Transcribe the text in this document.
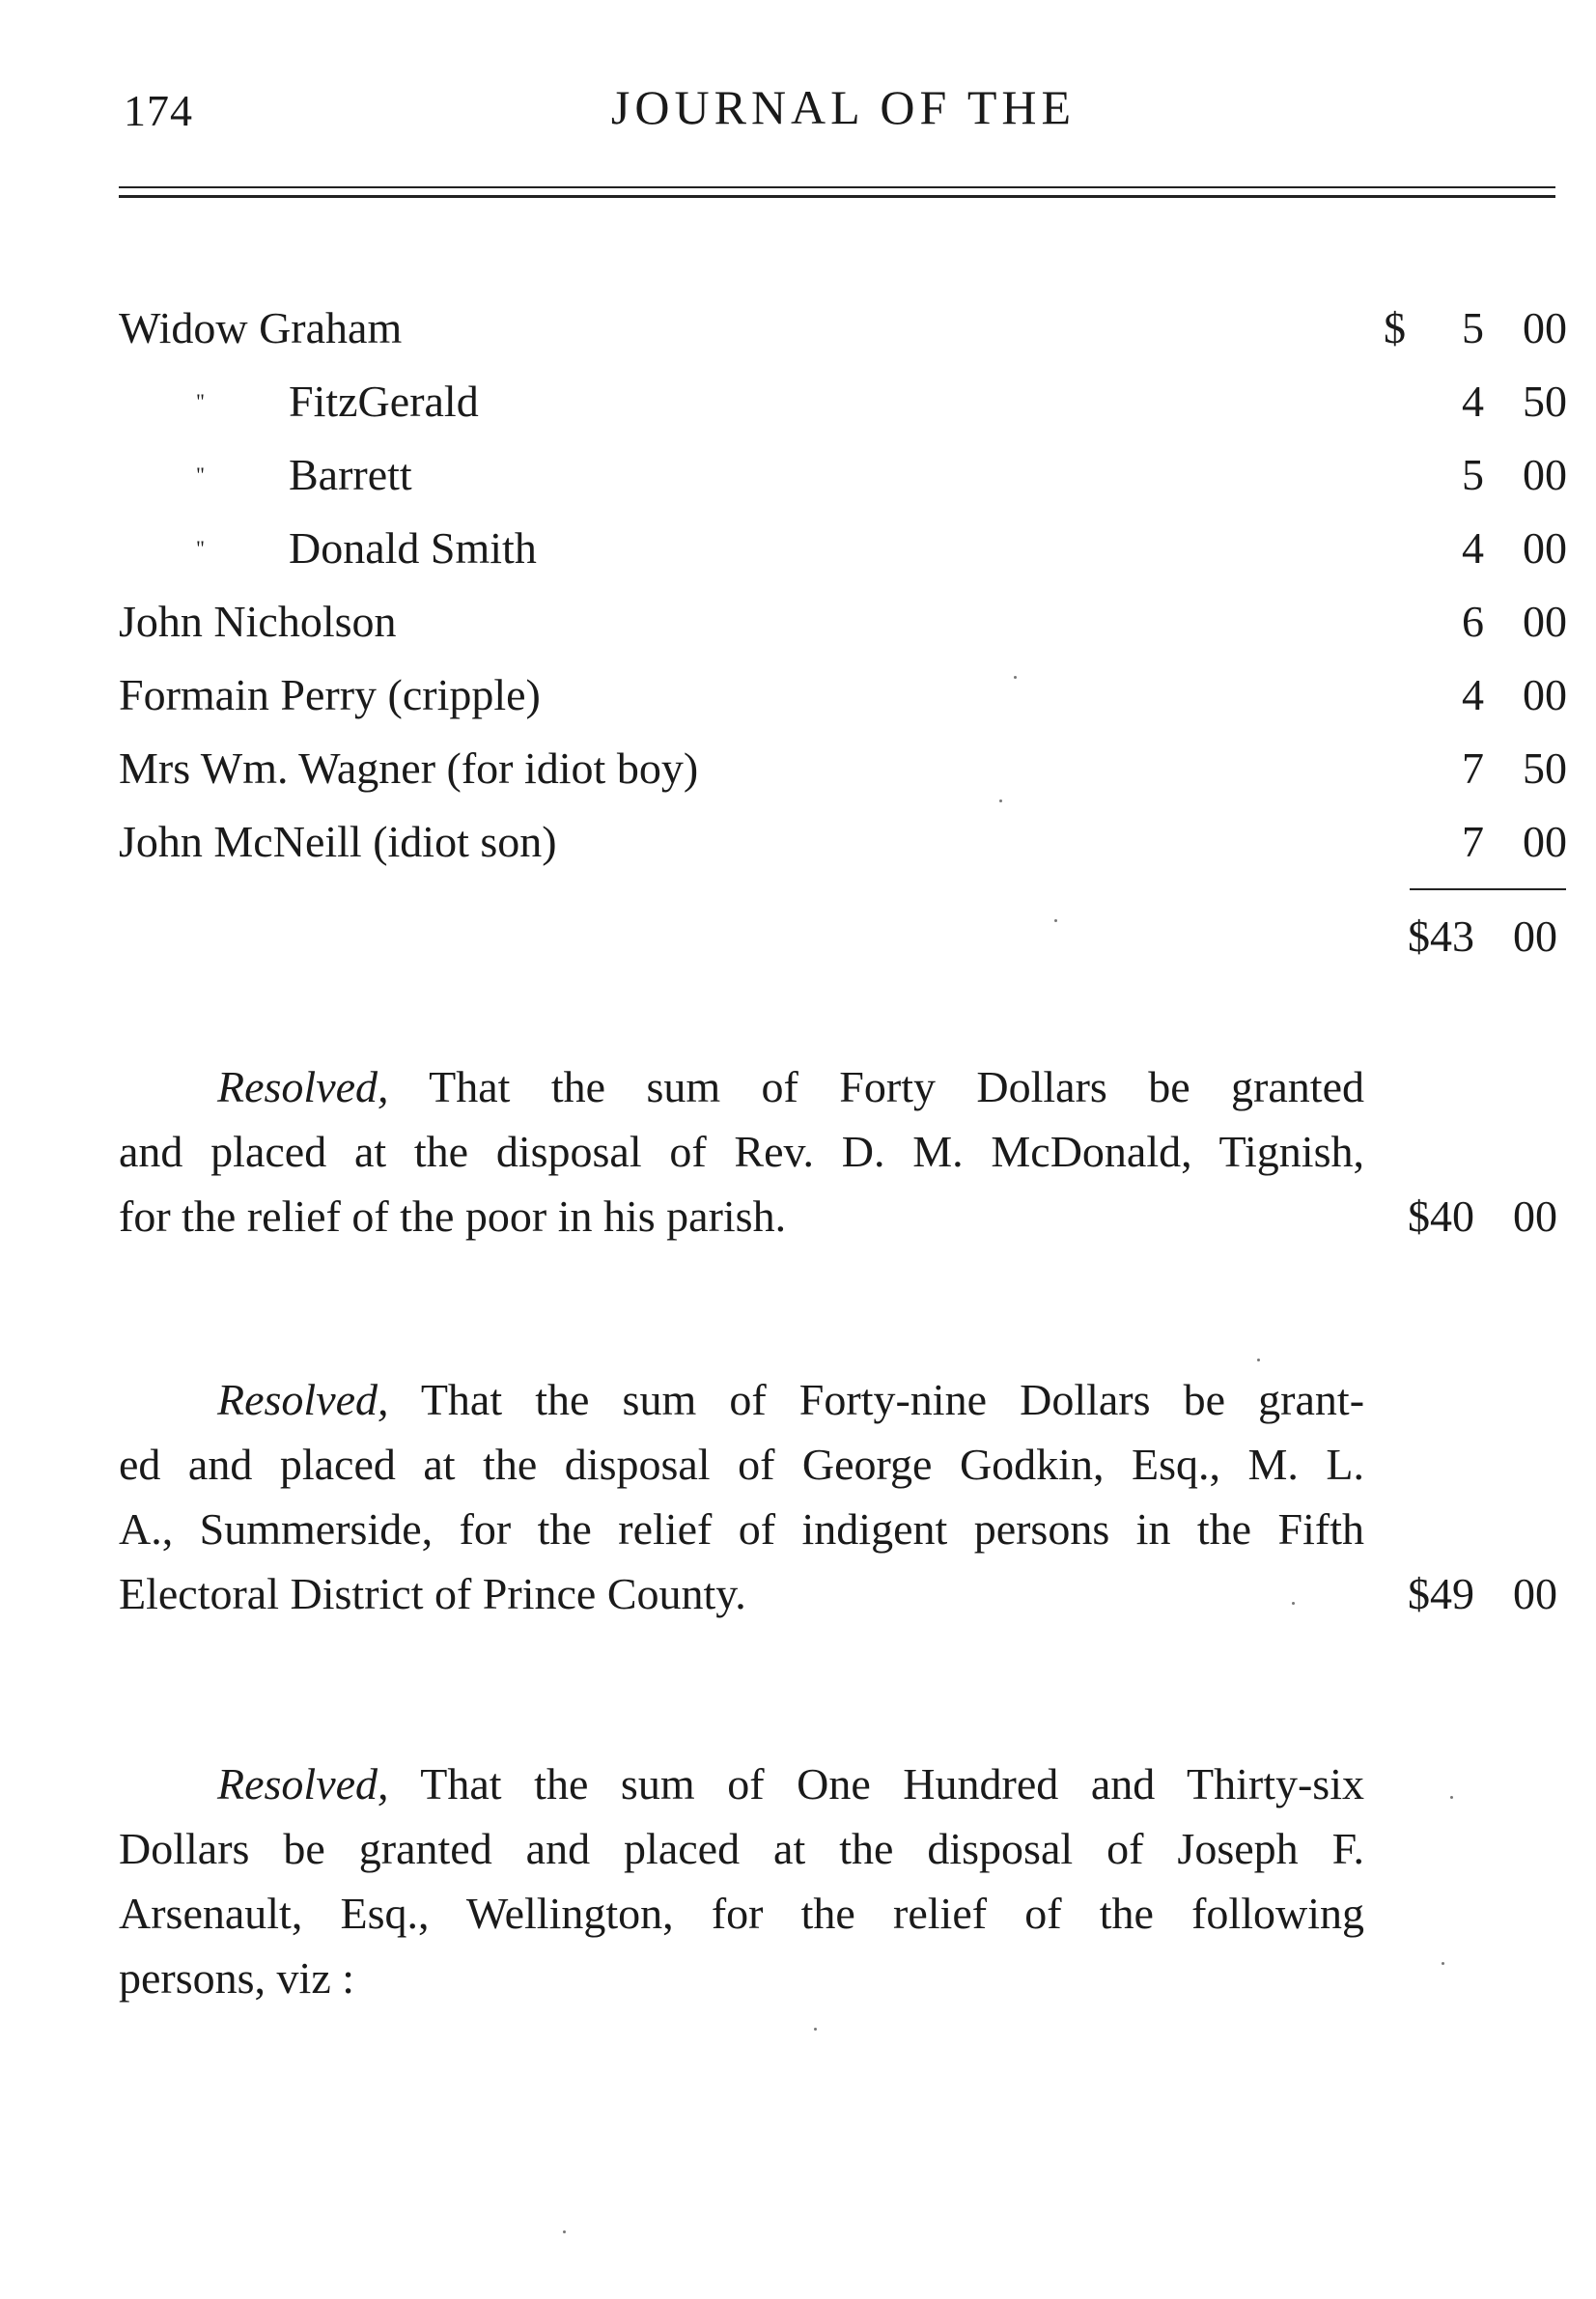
174	JOURNAL OF THE
Widow Graham	$ 5 00
" FitzGerald	4 50
" Barrett	5 00
" Donald Smith	4 00
John Nicholson	6 00
Formain Perry (cripple)	4 00
Mrs Wm. Wagner (for idiot boy)	7 50
John McNeill (idiot son)	7 00
$43 00
Resolved, That the sum of Forty Dollars be granted
and placed at the disposal of Rev. D. M. McDonald, Tignish,
for the relief of the poor in his parish.	$40 00
Resolved, That the sum of Forty-nine Dollars be grant-
ed and placed at the disposal of George Godkin, Esq., M. L.
A., Summerside, for the relief of indigent persons in the Fifth
Electoral District of Prince County.	$49 00
Resolved, That the sum of One Hundred and Thirty-six
Dollars be granted and placed at the disposal of Joseph F.
Arsenault, Esq., Wellington, for the relief of the following
persons, viz :
